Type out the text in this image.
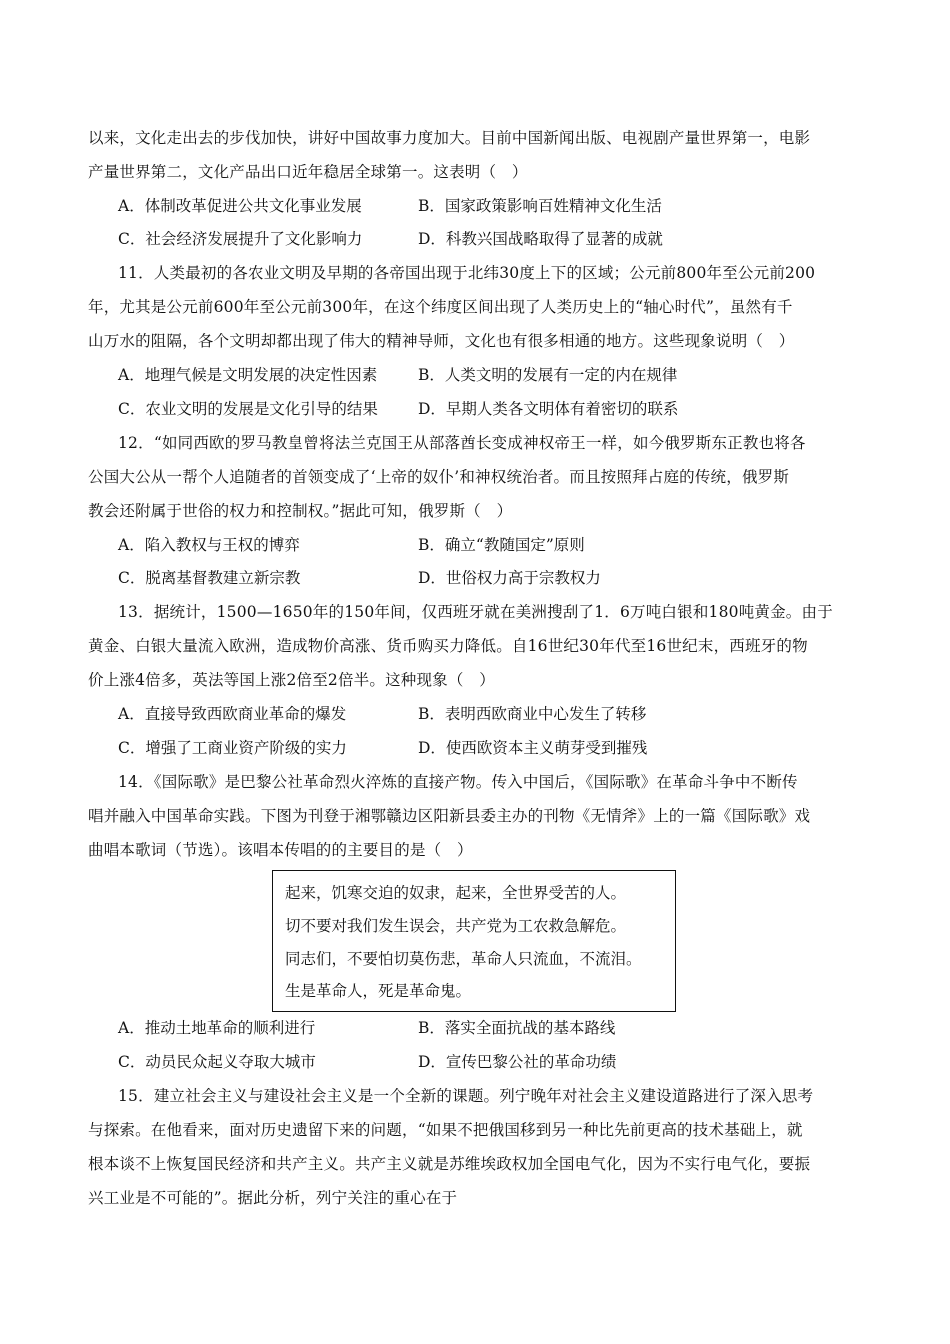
以来，文化走出去的步伐加快，讲好中国故事力度加大。目前中国新闻出版、电视剧产量世界第一，电影
产量世界第二，文化产品出口近年稳居全球第一。这表明（　）
A．体制改革促进公共文化事业发展	B．国家政策影响百姓精神文化生活
C．社会经济发展提升了文化影响力	D．科教兴国战略取得了显著的成就
11．人类最初的各农业文明及早期的各帝国出现于北纬30度上下的区域；公元前800年至公元前200
年，尤其是公元前600年至公元前300年，在这个纬度区间出现了人类历史上的“轴心时代”，虽然有千
山万水的阻隔，各个文明却都出现了伟大的精神导师，文化也有很多相通的地方。这些现象说明（　）
A．地理气候是文明发展的决定性因素	B．人类文明的发展有一定的内在规律
C．农业文明的发展是文化引导的结果	D．早期人类各文明体有着密切的联系
12．“如同西欧的罗马教皇曾将法兰克国王从部落酋长变成神权帝王一样，如今俄罗斯东正教也将各
公国大公从一帮个人追随者的首领变成了‘上帝的奴仆’和神权统治者。而且按照拜占庭的传统，俄罗斯
教会还附属于世俗的权力和控制权。”据此可知，俄罗斯（　）
A．陷入教权与王权的博弈	B．确立“教随国定”原则
C．脱离基督教建立新宗教	D．世俗权力高于宗教权力
13．据统计，1500—1650年的150年间，仅西班牙就在美洲搜刮了1．6万吨白银和180吨黄金。由于
黄金、白银大量流入欧洲，造成物价高涨、货币购买力降低。自16世纪30年代至16世纪末，西班牙的物
价上涨4倍多，英法等国上涨2倍至2倍半。这种现象（　）
A．直接导致西欧商业革命的爆发	B．表明西欧商业中心发生了转移
C．增强了工商业资产阶级的实力	D．使西欧资本主义萌芽受到摧残
14．《国际歌》是巴黎公社革命烈火淬炼的直接产物。传入中国后，《国际歌》在革命斗争中不断传
唱并融入中国革命实践。下图为刊登于湘鄂赣边区阳新县委主办的刊物《无情斧》上的一篇《国际歌》戏
曲唱本歌词（节选）。该唱本传唱的的主要目的是（　）
起来，饥寒交迫的奴隶，起来，全世界受苦的人。
切不要对我们发生误会，共产党为工农救急解危。
同志们，不要怕切莫伤悲，革命人只流血，不流泪。
生是革命人，死是革命鬼。
A．推动土地革命的顺利进行	B．落实全面抗战的基本路线
C．动员民众起义夺取大城市	D．宣传巴黎公社的革命功绩
15．建立社会主义与建设社会主义是一个全新的课题。列宁晚年对社会主义建设道路进行了深入思考
与探索。在他看来，面对历史遗留下来的问题，“如果不把俄国移到另一种比先前更高的技术基础上，就
根本谈不上恢复国民经济和共产主义。共产主义就是苏维埃政权加全国电气化，因为不实行电气化，要振
兴工业是不可能的”。据此分析，列宁关注的重心在于
